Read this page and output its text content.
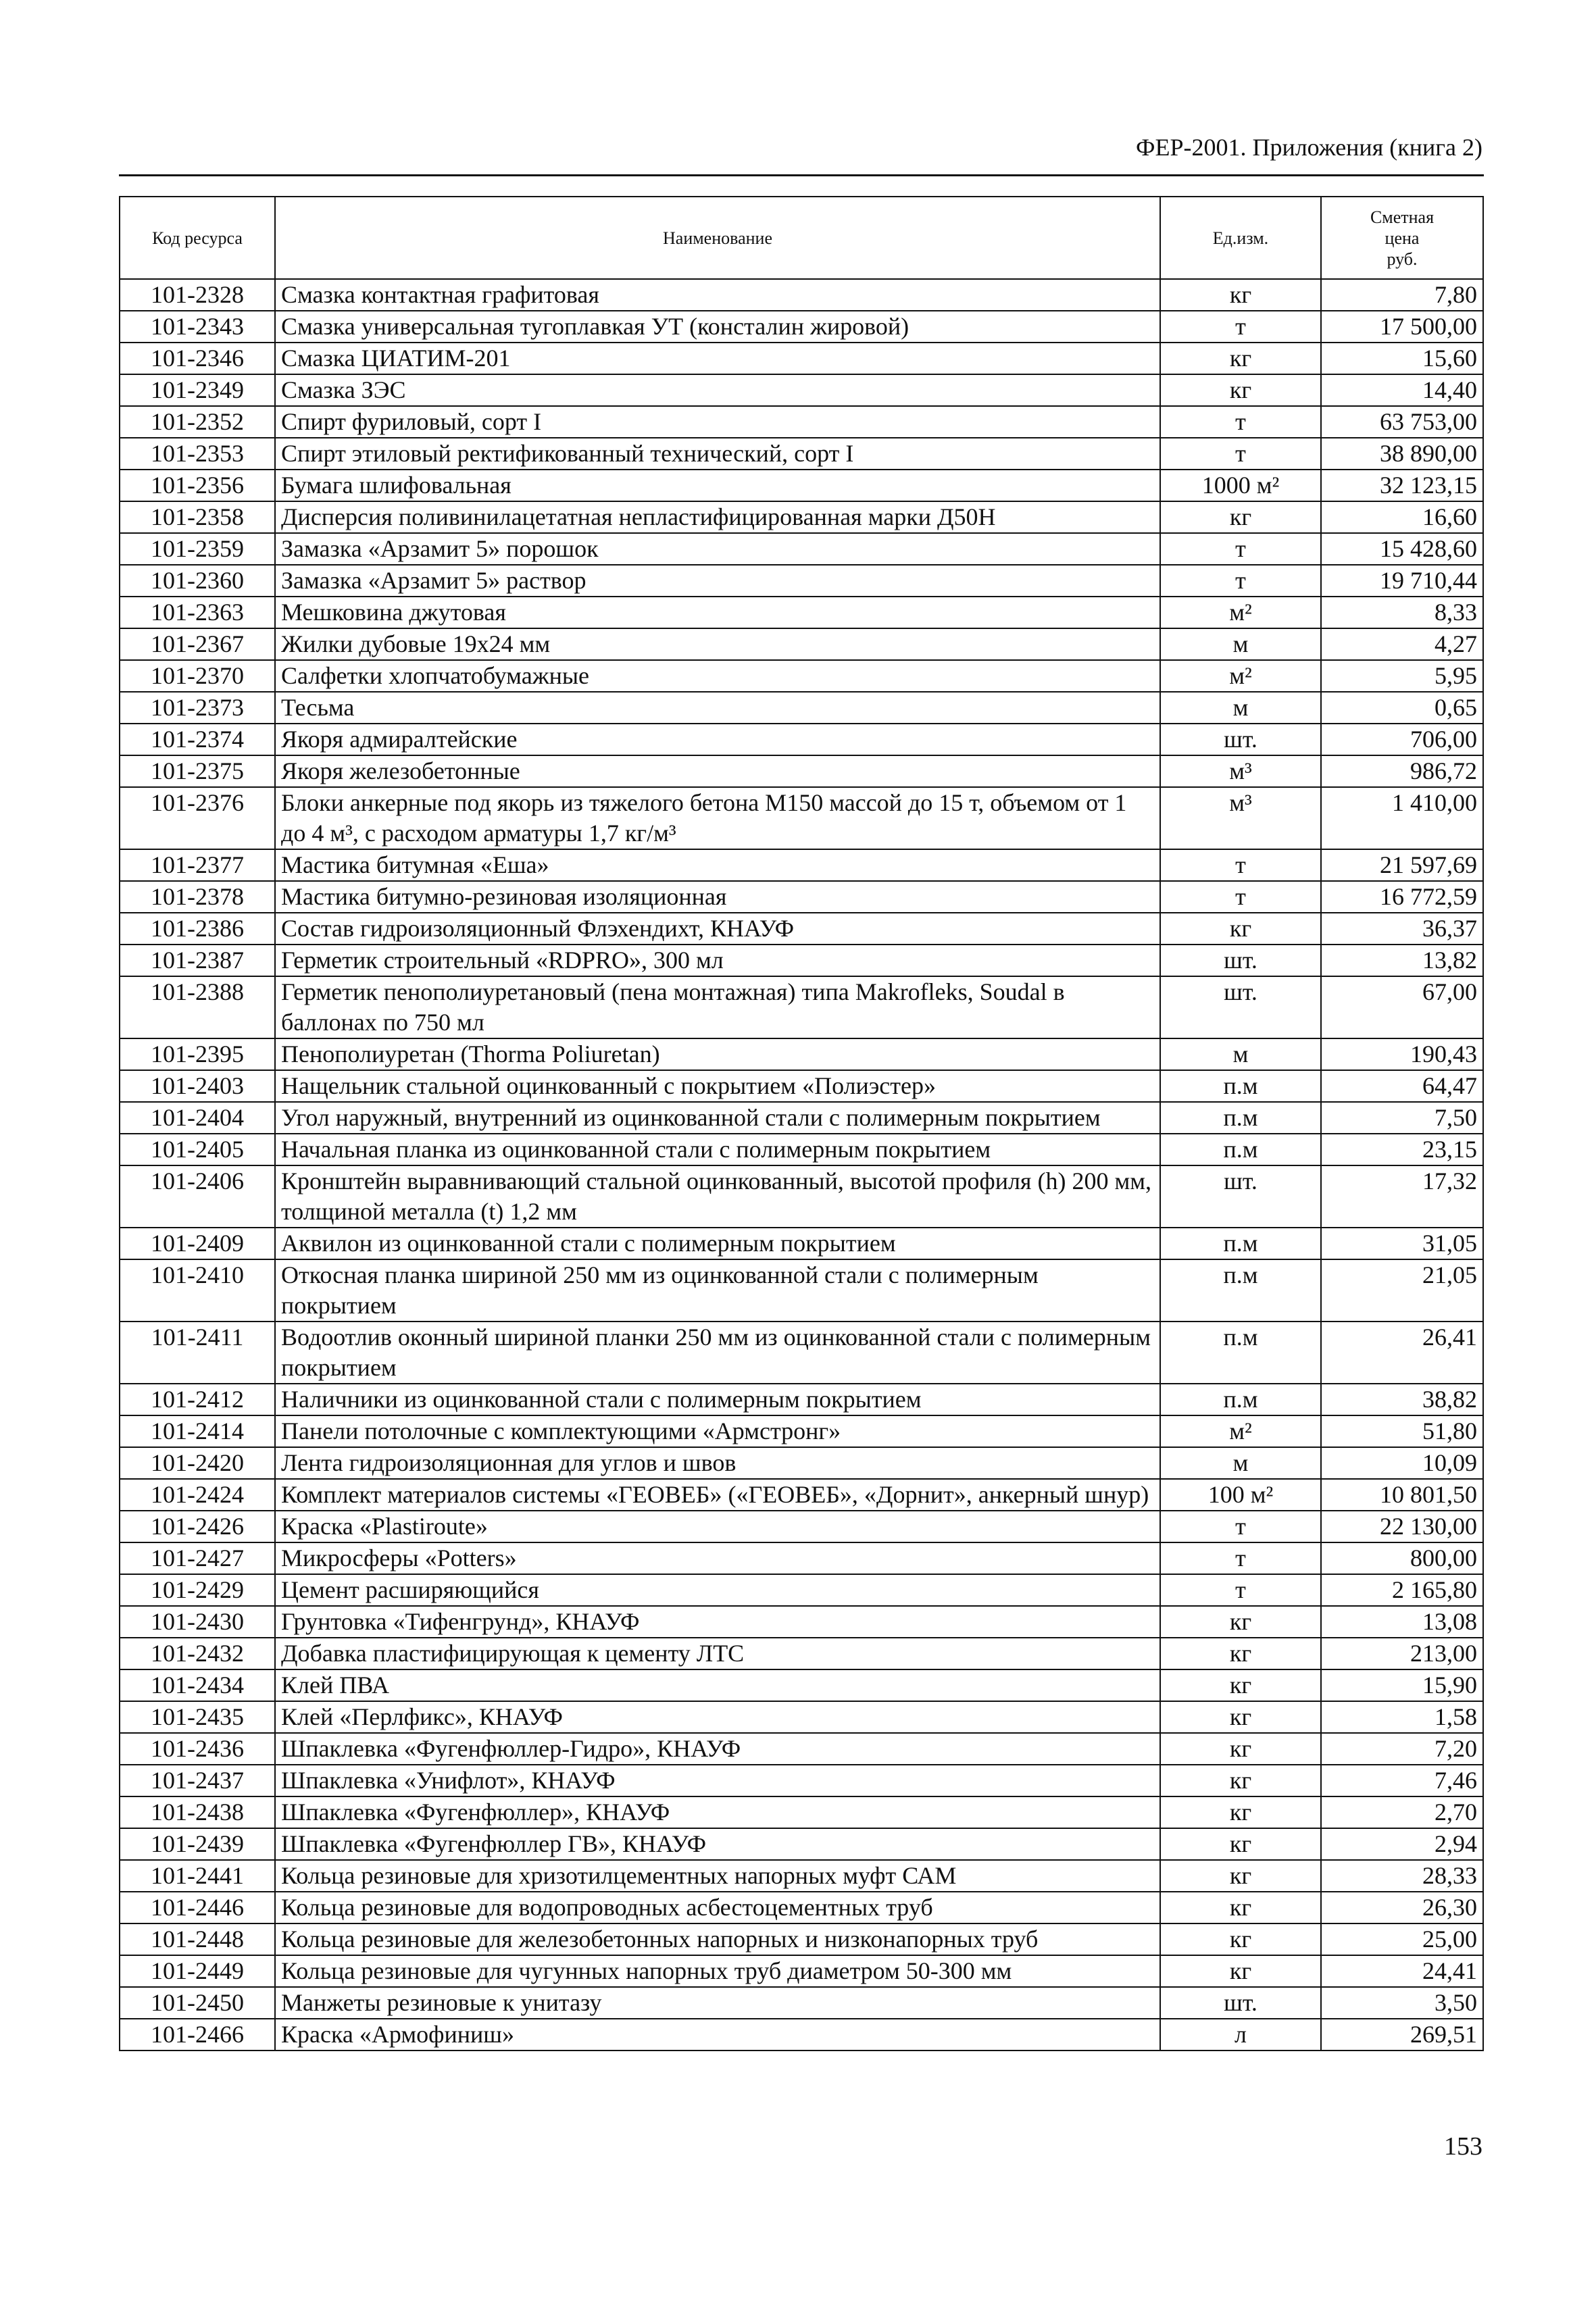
ФЕР-2001. Приложения (книга 2)
Код ресурса	Наименование	Ед.изм.	Сметная
цена
руб.

101-2328	Смазка контактная графитовая	кг	7,80
101-2343	Смазка универсальная тугоплавкая УТ (консталин жировой)	т	17 500,00
101-2346	Смазка ЦИАТИМ-201	кг	15,60
101-2349	Смазка ЗЭС	кг	14,40
101-2352	Спирт фуриловый, сорт I	т	63 753,00
101-2353	Спирт этиловый ректификованный технический, сорт I	т	38 890,00
101-2356	Бумага шлифовальная	1000 м²	32 123,15
101-2358	Дисперсия поливинилацетатная непластифицированная марки Д50Н	кг	16,60
101-2359	Замазка «Арзамит 5» порошок	т	15 428,60
101-2360	Замазка «Арзамит 5» раствор	т	19 710,44
101-2363	Мешковина джутовая	м²	8,33
101-2367	Жилки дубовые 19х24 мм	м	4,27
101-2370	Салфетки хлопчатобумажные	м²	5,95
101-2373	Тесьма	м	0,65
101-2374	Якоря адмиралтейские	шт.	706,00
101-2375	Якоря железобетонные	м³	986,72
101-2376	Блоки анкерные под якорь из тяжелого бетона М150 массой до 15 т, объемом от 1 до 4 м³, с расходом арматуры 1,7 кг/м³	м³	1 410,00
101-2377	Мастика битумная «Еша»	т	21 597,69
101-2378	Мастика битумно-резиновая изоляционная	т	16 772,59
101-2386	Состав гидроизоляционный Флэхендихт, КНАУФ	кг	36,37
101-2387	Герметик строительный «RDPRO», 300 мл	шт.	13,82
101-2388	Герметик пенополиуретановый (пена монтажная) типа Makrofleks, Soudal в баллонах по 750 мл	шт.	67,00
101-2395	Пенополиуретан (Thorma Poliuretan)	м	190,43
101-2403	Нащельник стальной оцинкованный с покрытием «Полиэстер»	п.м	64,47
101-2404	Угол наружный, внутренний из оцинкованной стали с полимерным покрытием	п.м	7,50
101-2405	Начальная планка из оцинкованной стали с полимерным покрытием	п.м	23,15
101-2406	Кронштейн выравнивающий стальной оцинкованный, высотой профиля (h) 200 мм, толщиной металла (t) 1,2 мм	шт.	17,32
101-2409	Аквилон из оцинкованной стали с полимерным покрытием	п.м	31,05
101-2410	Откосная планка шириной 250 мм из оцинкованной стали с полимерным покрытием	п.м	21,05
101-2411	Водоотлив оконный шириной планки 250 мм из оцинкованной стали с полимерным покрытием	п.м	26,41
101-2412	Наличники из оцинкованной стали с полимерным покрытием	п.м	38,82
101-2414	Панели потолочные с комплектующими «Армстронг»	м²	51,80
101-2420	Лента гидроизоляционная для углов и швов	м	10,09
101-2424	Комплект материалов системы «ГЕОВЕБ» («ГЕОВЕБ», «Дорнит», анкерный шнур)	100 м²	10 801,50
101-2426	Краска «Plastiroute»	т	22 130,00
101-2427	Микросферы «Potters»	т	800,00
101-2429	Цемент расширяющийся	т	2 165,80
101-2430	Грунтовка «Тифенгрунд», КНАУФ	кг	13,08
101-2432	Добавка пластифицирующая к цементу ЛТС	кг	213,00
101-2434	Клей ПВА	кг	15,90
101-2435	Клей «Перлфикс», КНАУФ	кг	1,58
101-2436	Шпаклевка «Фугенфюллер-Гидро», КНАУФ	кг	7,20
101-2437	Шпаклевка «Унифлот», КНАУФ	кг	7,46
101-2438	Шпаклевка «Фугенфюллер», КНАУФ	кг	2,70
101-2439	Шпаклевка «Фугенфюллер ГВ», КНАУФ	кг	2,94
101-2441	Кольца резиновые для хризотилцементных напорных муфт САМ	кг	28,33
101-2446	Кольца резиновые для водопроводных асбестоцементных труб	кг	26,30
101-2448	Кольца резиновые для железобетонных напорных и низконапорных труб	кг	25,00
101-2449	Кольца резиновые для чугунных напорных труб диаметром 50-300 мм	кг	24,41
101-2450	Манжеты резиновые к унитазу	шт.	3,50
101-2466	Краска «Армофиниш»	л	269,51
153
